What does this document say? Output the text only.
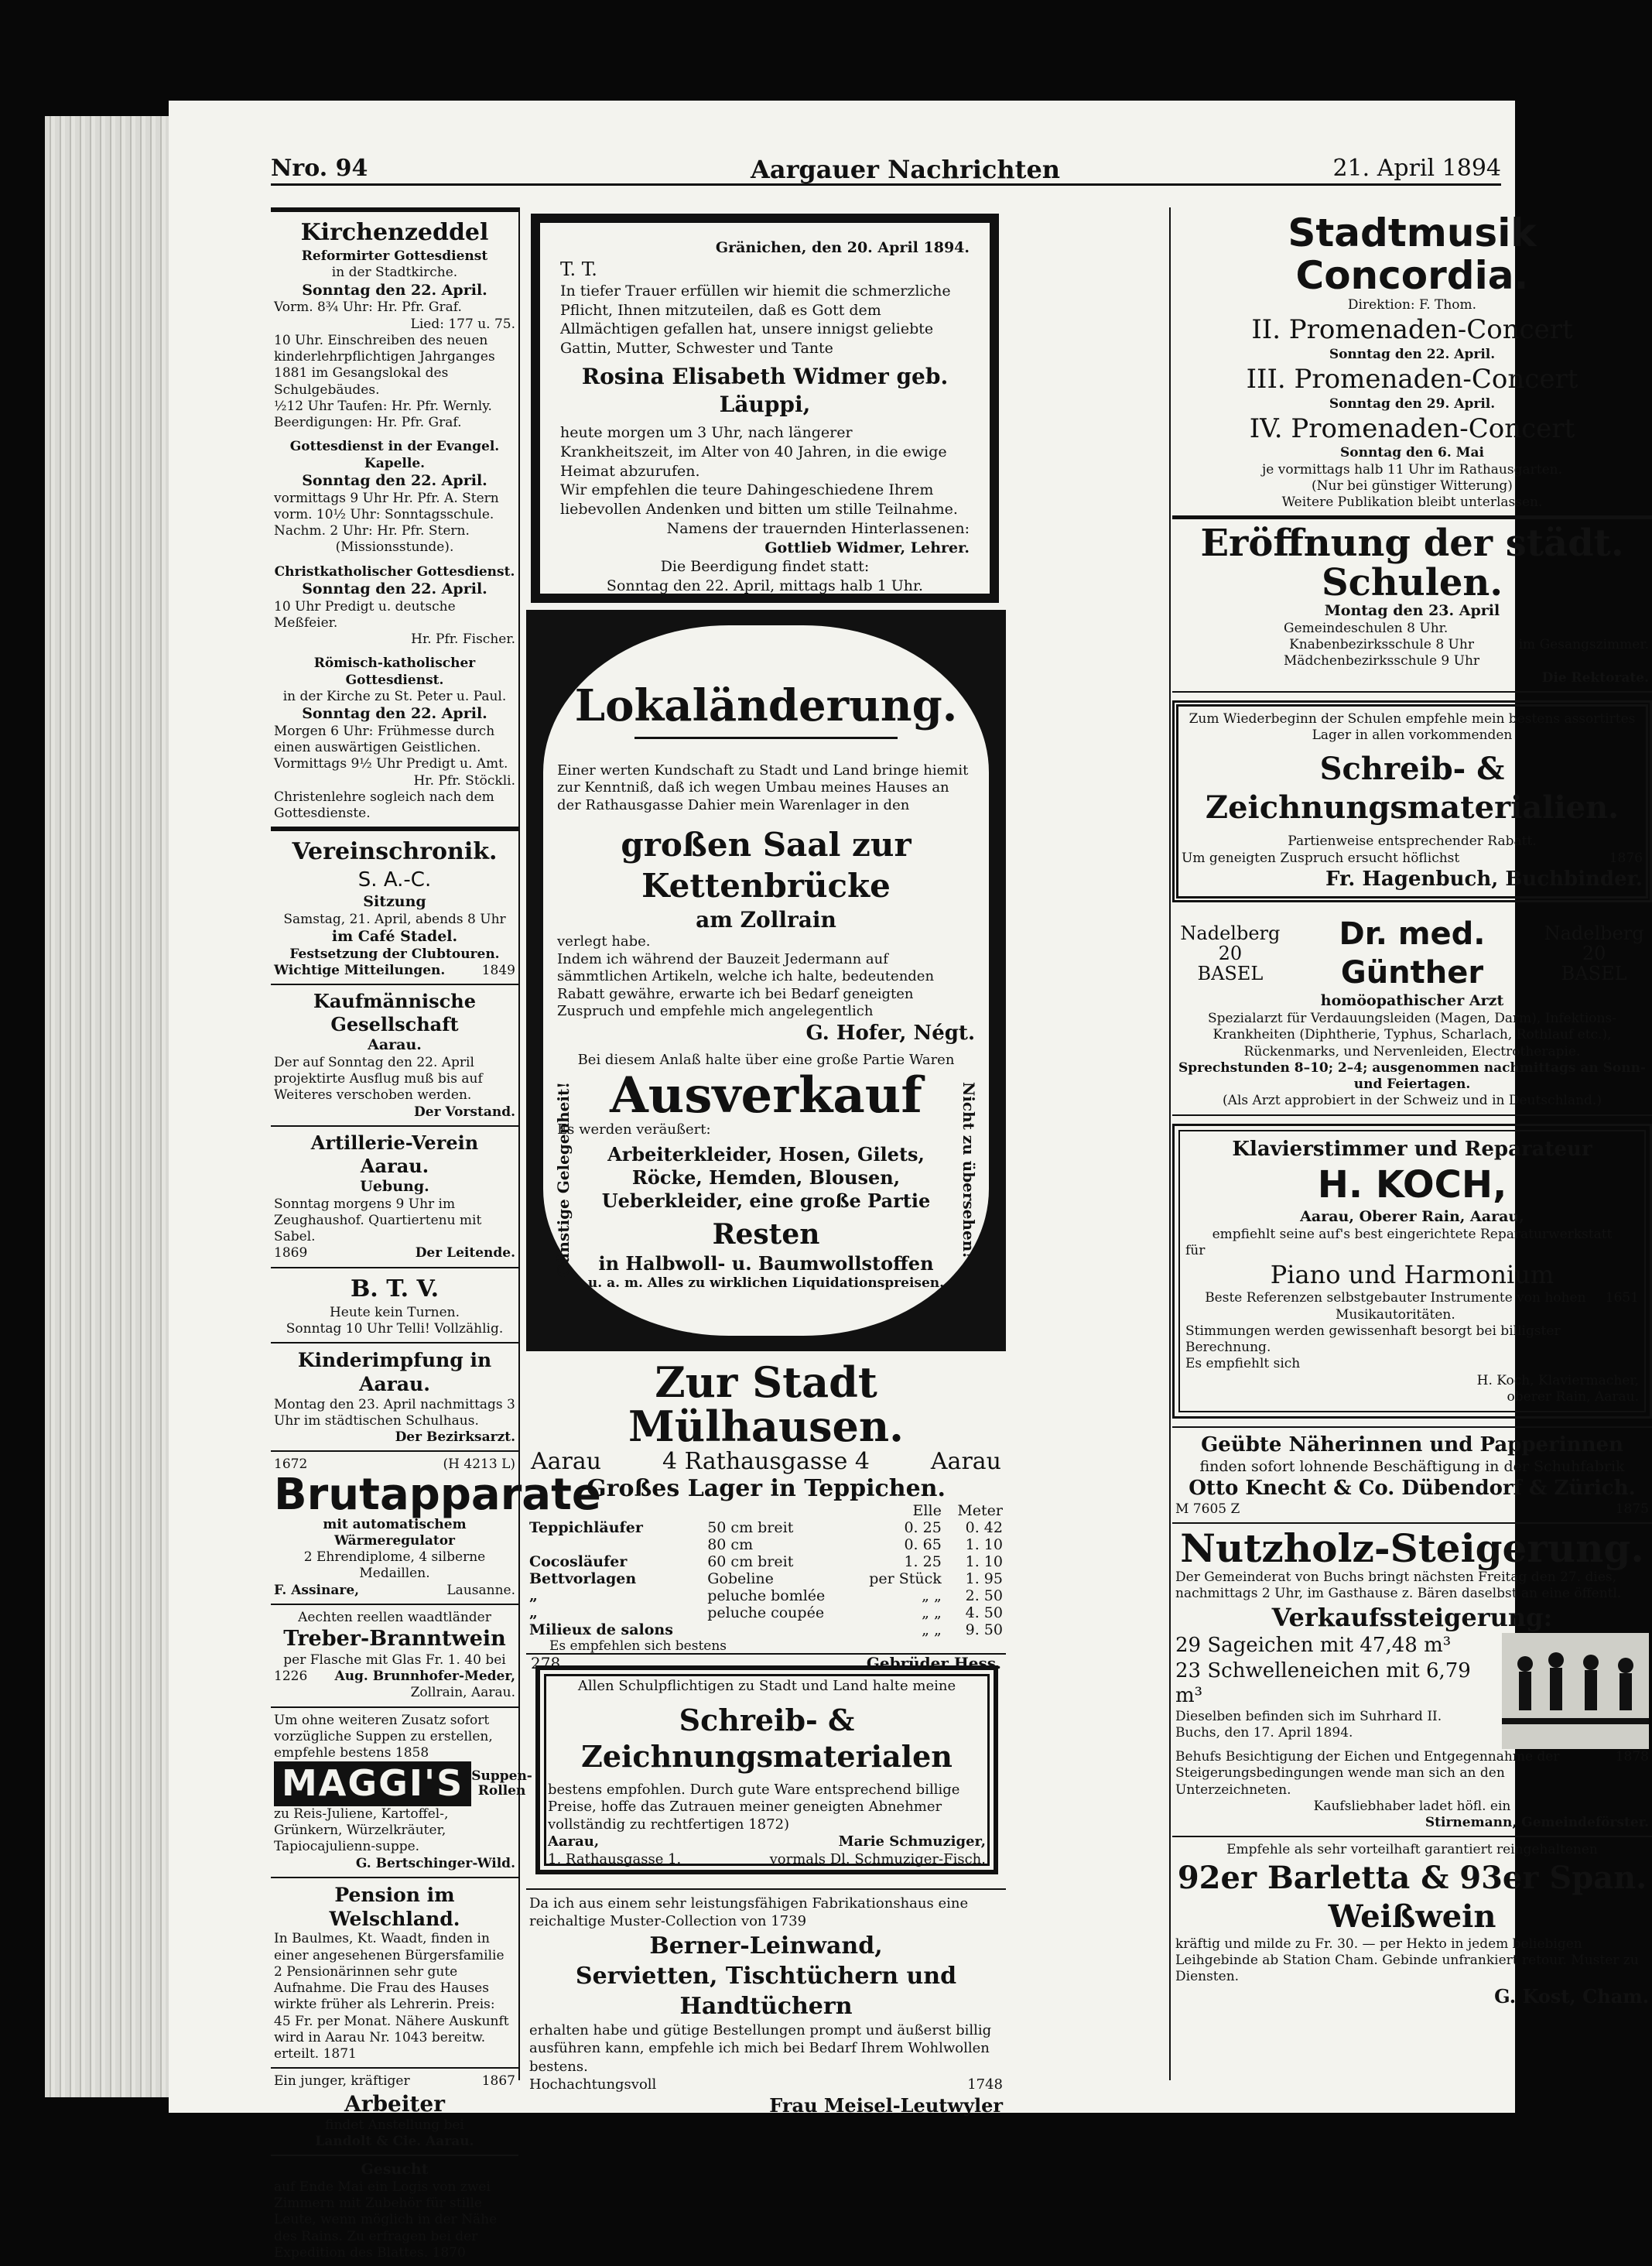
Nro. 94	Aargauer Nachrichten	21. April 1894
Kirchenzeddel
Reformirter Gottesdienst
in der Stadtkirche.
Sonntag den 22. April.
Vorm. 8¾ Uhr: Hr. Pfr. Graf.
Lied: 177 u. 75.
10 Uhr. Einschreiben des neuen kinderlehrpflichtigen Jahrganges 1881 im Gesangslokal des Schulgebäudes.
½12 Uhr Taufen: Hr. Pfr. Wernly.
Beerdigungen: Hr. Pfr. Graf.
Gottesdienst in der Evangel. Kapelle.
Sonntag den 22. April.
vormittags 9 Uhr Hr. Pfr. A. Stern
vorm. 10½ Uhr: Sonntagsschule.
Nachm. 2 Uhr: Hr. Pfr. Stern.
(Missionsstunde).
Christkatholischer Gottesdienst.
Sonntag den 22. April.
10 Uhr Predigt u. deutsche Meßfeier.
Hr. Pfr. Fischer.
Römisch-katholischer Gottesdienst.
in der Kirche zu St. Peter u. Paul.
Sonntag den 22. April.
Morgen 6 Uhr: Frühmesse durch einen auswärtigen Geistlichen.
Vormittags 9½ Uhr Predigt u. Amt.
Hr. Pfr. Stöckli.
Christenlehre sogleich nach dem Gottesdienste.
Vereinschronik.
S. A.-C.
Sitzung
Samstag, 21. April, abends 8 Uhr
im Café Stadel.
Festsetzung der Clubtouren.
Wichtige Mitteilungen.	1849
Kaufmännische Gesellschaft
Aarau.
Der auf Sonntag den 22. April projektirte Ausflug muß bis auf Weiteres verschoben werden.
Der Vorstand.
Artillerie-Verein Aarau.
Uebung.
Sonntag morgens 9 Uhr im Zeughaushof. Quartiertenu mit Sabel.
1869	Der Leitende.
B. T. V.
Heute kein Turnen.
Sonntag 10 Uhr Telli! Vollzählig.
Kinderimpfung in Aarau.
Montag den 23. April nachmittags 3 Uhr im städtischen Schulhaus.
Der Bezirksarzt.
1672	(H 4213 L)
Brutapparate
mit automatischem Wärmeregulator
2 Ehrendiplome, 4 silberne Medaillen.
F. Assinare,	Lausanne.
Aechten reellen waadtländer
Treber-Branntwein
per Flasche mit Glas Fr. 1. 40 bei
1226 Aug. Brunnhofer-Meder,
Zollrain, Aarau.
Um ohne weiteren Zusatz sofort vorzügliche Suppen zu erstellen, empfehle bestens 1858
MAGGI'S Suppen-
Rollen
zu Reis-Juliene, Kartoffel-, Grünkern, Würzelkräuter, Tapiocajulienn-suppe.
G. Bertschinger-Wild.
Pension im Welschland.
In Baulmes, Kt. Waadt, finden in einer angesehenen Bürgersfamilie 2 Pensionärinnen sehr gute Aufnahme. Die Frau des Hauses wirkte früher als Lehrerin. Preis: 45 Fr. per Monat. Nähere Auskunft wird in Aarau Nr. 1043 bereitw. erteilt. 1871
Ein junger, kräftiger	1867
Arbeiter
findet Anstellung bei
Landolt & Cie. Aarau.
Gesucht
auf Ende Mai ein Logis von zwei Zimmern mit Zubehör für stille Leute, wenn möglich in der Nähe des Rains. Zu erfragen bei der Expedition des Blattes. 1870
Gränichen, den 20. April 1894.
T. T.
In tiefer Trauer erfüllen wir hiemit die schmerzliche Pflicht, Ihnen mitzuteilen, daß es Gott dem Allmächtigen gefallen hat, unsere innigst geliebte Gattin, Mutter, Schwester und Tante
Rosina Elisabeth Widmer geb. Läuppi,
heute morgen um 3 Uhr, nach längerer Krankheitszeit, im Alter von 40 Jahren, in die ewige Heimat abzurufen.
Wir empfehlen die teure Dahingeschiedene Ihrem liebevollen Andenken und bitten um stille Teilnahme.
Namens der trauernden Hinterlassenen:
Gottlieb Widmer, Lehrer.
Die Beerdigung findet statt:
Sonntag den 22. April, mittags halb 1 Uhr.
Lokaländerung.
Einer werten Kundschaft zu Stadt und Land bringe hiemit zur Kenntniß, daß ich wegen Umbau meines Hauses an der Rathausgasse Dahier mein Warenlager in den
großen Saal zur Kettenbrücke
am Zollrain
verlegt habe.
Indem ich während der Bauzeit Jedermann auf sämmtlichen Artikeln, welche ich halte, bedeutenden Rabatt gewähre, erwarte ich bei Bedarf geneigten Zuspruch und empfehle mich angelegentlich
G. Hofer, Négt.
Bei diesem Anlaß halte über eine große Partie Waren
Ausverkauf
Es werden veräußert:
Arbeiterkleider, Hosen, Gilets, Röcke, Hemden, Blousen, Ueberkleider, eine große Partie
Resten
in Halbwoll- u. Baumwollstoffen
u. a. m. Alles zu wirklichen Liquidationspreisen.
Günstige Gelegenheit!	Nicht zu übersehen!
Zur Stadt Mülhausen.
Aarau	4 Rathausgasse 4	Aarau
Großes Lager in Teppichen.
		Elle	Meter
Teppichläufer	50 cm breit	0. 25	0. 42
	80 cm	0. 65	1. 10
Cocosläufer	60 cm breit	1. 25	1. 10
Bettvorlagen	Gobeline	per Stück	1. 95
„	peluche bomlée	„ „	2. 50
„	peluche coupée	„ „	4. 50
Milieux de salons		„ „	9. 50
Es empfehlen sich bestens
278	Gebrüder Hess.
Allen Schulpflichtigen zu Stadt und Land halte meine
Schreib- & Zeichnungsmaterialen
bestens empfohlen. Durch gute Ware entsprechend billige Preise, hoffe das Zutrauen meiner geneigten Abnehmer vollständig zu rechtfertigen 1872)
Aarau,	Marie Schmuziger,
1, Rathausgasse 1.	vormals Dl. Schmuziger-Fisch.
Da ich aus einem sehr leistungsfähigen Fabrikationshaus eine reichaltige Muster-Collection von 1739
Berner-Leinwand,
Servietten, Tischtüchern und Handtüchern
erhalten habe und gütige Bestellungen prompt und äußerst billig ausführen kann, empfehle ich mich bei Bedarf Ihrem Wohlwollen bestens.
Hochachtungsvoll	1748
Frau Meisel-Leutwyler
Stadtmusik Concordia.
Direktion: F. Thom.
II. Promenaden-Concert
Sonntag den 22. April.
III. Promenaden-Concert
Sonntag den 29. April.
IV. Promenaden-Concert
Sonntag den 6. Mai
je vormittags halb 11 Uhr im Rathausgarten.
(Nur bei günstiger Witterung)
Weitere Publikation bleibt unterlassen.
Eröffnung der städt. Schulen.
Montag den 23. April
Gemeindeschulen 8 Uhr.
Knabenbezirksschule 8 Uhr
Mädchenbezirksschule 9 Uhr
im Gesangszimmer.
Die Rektorate.
Zum Wiederbeginn der Schulen empfehle mein bestens assortirtes Lager in allen vorkommenden
Schreib- & Zeichnungsmaterialien.
Partienweise entsprechender Rabatt.
Um geneigten Zuspruch ersucht höflichst	1876
Fr. Hagenbuch, Buchbinder.
Nadelberg 20
BASEL
Dr. med. Günther
Nadelberg 20
BASEL
homöopathischer Arzt
Spezialarzt für Verdauungsleiden (Magen, Darm), Infektions-Krankheiten (Diphtherie, Typhus, Scharlach, Rothlauf etc.), Rückenmarks, und Nervenleiden, Electrotherapie.
Sprechstunden 8–10; 2–4; ausgenommen nachmittags an Sonn- und Feiertagen.
(Als Arzt approbiert in der Schweiz und in Deutschland.)
Klavierstimmer und Reparateur
H. KOCH,
Aarau, Oberer Rain, Aarau,
empfiehlt seine auf's best eingerichtete Reparaturwerkstatt
für
Piano und Harmonium
Beste Referenzen selbstgebauter Instrumente von hohen Musikautoritäten.
1651
Stimmungen werden gewissenhaft besorgt bei billigster Berechnung.
Es empfiehlt sich
H. Koch, Klaviermacher,
oberer Rain, Aarau.
Geübte Näherinnen und Papperinnen
finden sofort lohnende Beschäftigung in der Schuhfabrik
Otto Knecht & Co. Dübendorf & Zürich.
M 7605 Z	1875
Nutzholz-Steigerung.
Der Gemeinderat von Buchs bringt nächsten Freitag den 27. dies, nachmittags 2 Uhr, im Gasthause z. Bären daselbst an eine öffentl.
Verkaufssteigerung:
29 Sageichen mit 47,48 m³
23 Schwelleneichen mit 6,79 m³
Dieselben befinden sich im Suhrhard II.
Buchs, den 17. April 1894.
Behufs Besichtigung der Eichen und Entgegennahme der Steigerungsbedingungen wende man sich an den Unterzeichneten.
1878
Kaufsliebhaber ladet höfl. ein
Stirnemann, Gemeindeförster.
Empfehle als sehr vorteilhaft garantiert reingehaltenen
92er Barletta & 93er Span. Weißwein
kräftig und milde zu Fr. 30. — per Hekto in jedem beliebigen Leihgebinde ab Station Cham. Gebinde unfrankiert retour. Muster zu Diensten.
G. Kost, Cham.
